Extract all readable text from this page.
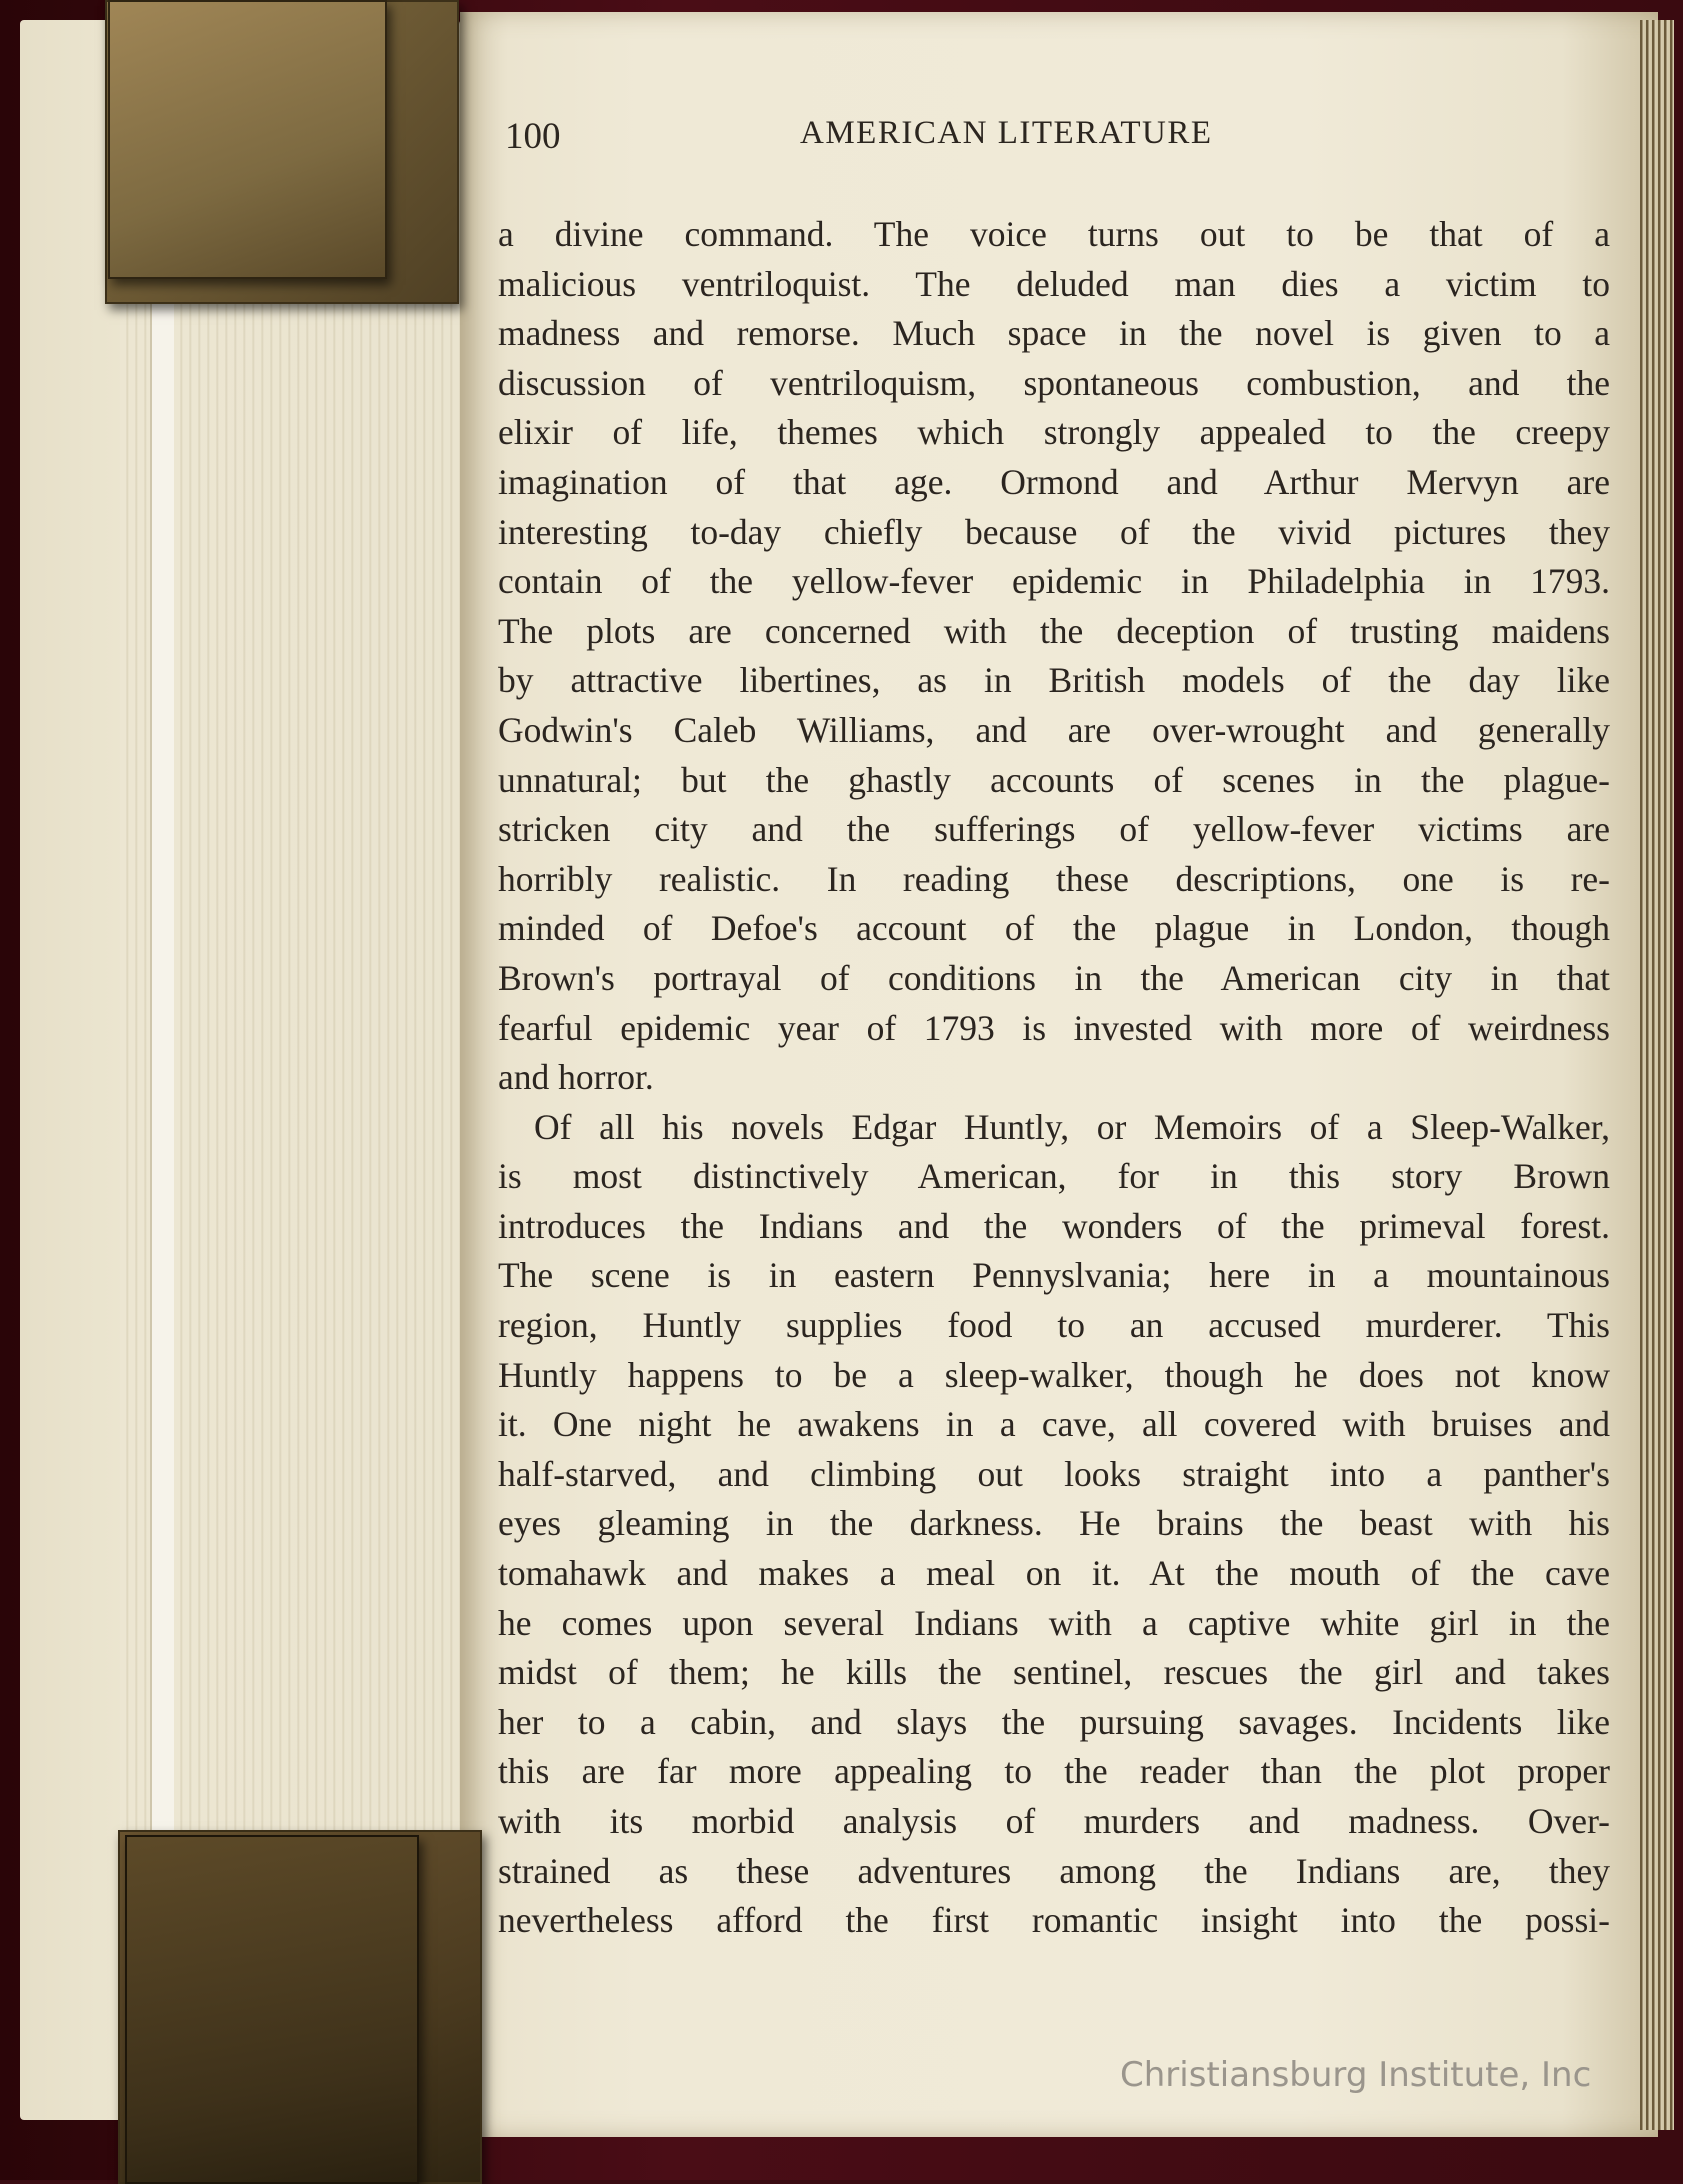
100	AMERICAN LITERATURE
a divine command. The voice turns out to be that of a
malicious ventriloquist. The deluded man dies a victim to
madness and remorse. Much space in the novel is given to a
discussion of ventriloquism, spontaneous combustion, and the
elixir of life, themes which strongly appealed to the creepy
imagination of that age. Ormond and Arthur Mervyn are
interesting to-day chiefly because of the vivid pictures they
contain of the yellow-fever epidemic in Philadelphia in 1793.
The plots are concerned with the deception of trusting maidens
by attractive libertines, as in British models of the day like
Godwin's Caleb Williams, and are over-wrought and generally
unnatural; but the ghastly accounts of scenes in the plague-
stricken city and the sufferings of yellow-fever victims are
horribly realistic. In reading these descriptions, one is re-
minded of Defoe's account of the plague in London, though
Brown's portrayal of conditions in the American city in that
fearful epidemic year of 1793 is invested with more of weirdness
and horror.
Of all his novels Edgar Huntly, or Memoirs of a Sleep-Walker,
is most distinctively American, for in this story Brown
introduces the Indians and the wonders of the primeval forest.
The scene is in eastern Pennyslvania; here in a mountainous
region, Huntly supplies food to an accused murderer. This
Huntly happens to be a sleep-walker, though he does not know
it. One night he awakens in a cave, all covered with bruises and
half-starved, and climbing out looks straight into a panther's
eyes gleaming in the darkness. He brains the beast with his
tomahawk and makes a meal on it. At the mouth of the cave
he comes upon several Indians with a captive white girl in the
midst of them; he kills the sentinel, rescues the girl and takes
her to a cabin, and slays the pursuing savages. Incidents like
this are far more appealing to the reader than the plot proper
with its morbid analysis of murders and madness. Over-
strained as these adventures among the Indians are, they
nevertheless afford the first romantic insight into the possi-
Christiansburg Institute, Inc
